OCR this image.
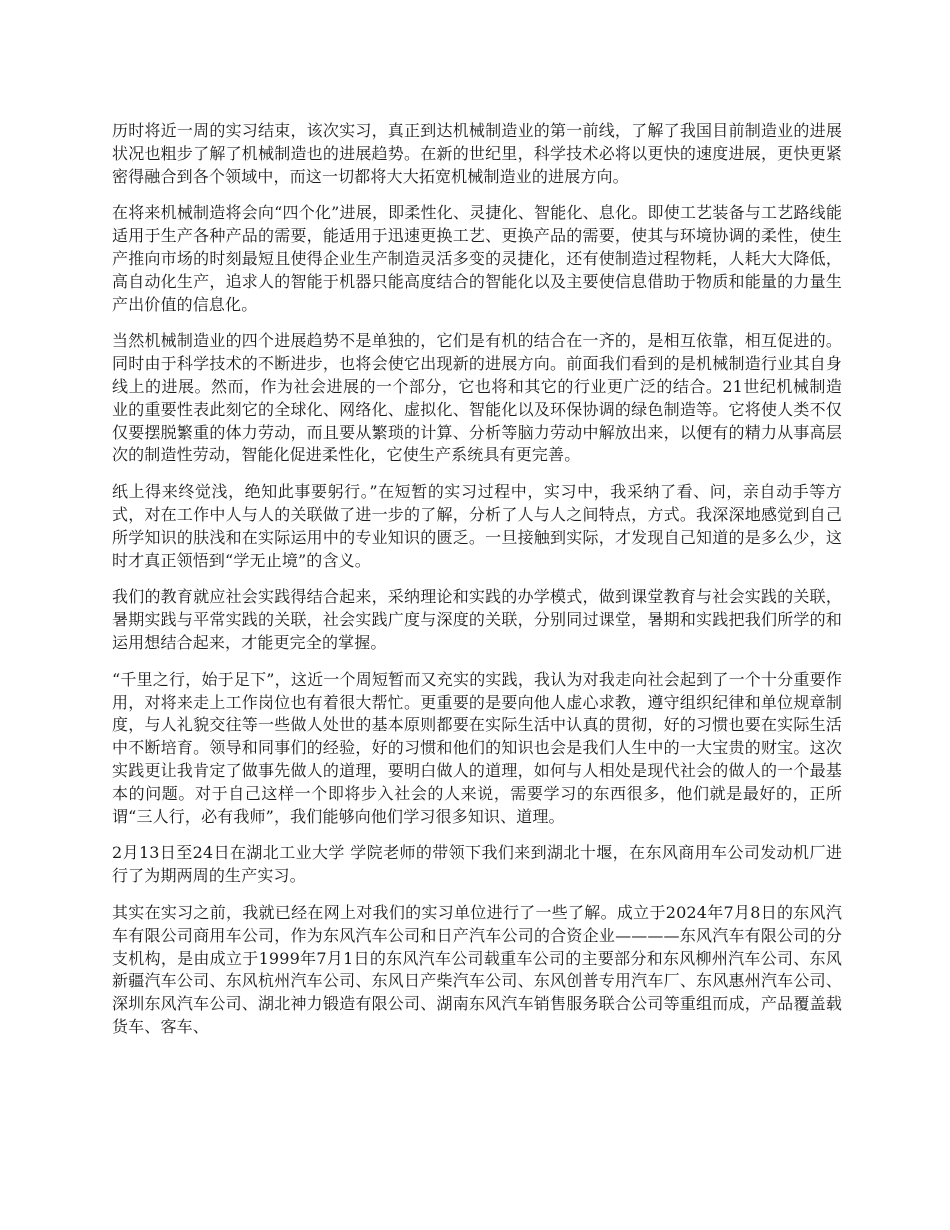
历时将近一周的实习结束，该次实习，真正到达机械制造业的第一前线，了解了我国目前制造业的进展状况也粗步了解了机械制造也的进展趋势。在新的世纪里，科学技术必将以更快的速度进展，更快更紧密得融合到各个领域中，而这一切都将大大拓宽机械制造业的进展方向。

在将来机械制造将会向“四个化”进展，即柔性化、灵捷化、智能化、息化。即使工艺装备与工艺路线能适用于生产各种产品的需要，能适用于迅速更换工艺、更换产品的需要，使其与环境协调的柔性，使生产推向市场的时刻最短且使得企业生产制造灵活多变的灵捷化，还有使制造过程物耗，人耗大大降低，高自动化生产，追求人的智能于机器只能高度结合的智能化以及主要使信息借助于物质和能量的力量生产出价值的信息化。

当然机械制造业的四个进展趋势不是单独的，它们是有机的结合在一齐的，是相互依靠，相互促进的。同时由于科学技术的不断进步，也将会使它出现新的进展方向。前面我们看到的是机械制造行业其自身线上的进展。然而，作为社会进展的一个部分，它也将和其它的行业更广泛的结合。21世纪机械制造业的重要性表此刻它的全球化、网络化、虚拟化、智能化以及环保协调的绿色制造等。它将使人类不仅仅要摆脱繁重的体力劳动，而且要从繁琐的计算、分析等脑力劳动中解放出来，以便有的精力从事高层次的制造性劳动，智能化促进柔性化，它使生产系统具有更完善。

纸上得来终觉浅，绝知此事要躬行。”在短暂的实习过程中，实习中，我采纳了看、问，亲自动手等方式，对在工作中人与人的关联做了进一步的了解，分析了人与人之间特点，方式。我深深地感觉到自己所学知识的肤浅和在实际运用中的专业知识的匮乏。一旦接触到实际，才发现自己知道的是多么少，这时才真正领悟到“学无止境”的含义。

我们的教育就应社会实践得结合起来，采纳理论和实践的办学模式，做到课堂教育与社会实践的关联，暑期实践与平常实践的关联，社会实践广度与深度的关联，分别同过课堂，暑期和实践把我们所学的和运用想结合起来，才能更完全的掌握。

“千里之行，始于足下”，这近一个周短暂而又充实的实践，我认为对我走向社会起到了一个十分重要作用，对将来走上工作岗位也有着很大帮忙。更重要的是要向他人虚心求教，遵守组织纪律和单位规章制度，与人礼貌交往等一些做人处世的基本原则都要在实际生活中认真的贯彻，好的习惯也要在实际生活中不断培育。领导和同事们的经验，好的习惯和他们的知识也会是我们人生中的一大宝贵的财宝。这次实践更让我肯定了做事先做人的道理，要明白做人的道理，如何与人相处是现代社会的做人的一个最基本的问题。对于自己这样一个即将步入社会的人来说，需要学习的东西很多，他们就是最好的，正所谓“三人行，必有我师”，我们能够向他们学习很多知识、道理。

2月13日至24日在湖北工业大学 学院老师的带领下我们来到湖北十堰，在东风商用车公司发动机厂进行了为期两周的生产实习。

其实在实习之前，我就已经在网上对我们的实习单位进行了一些了解。成立于2024年7月8日的东风汽车有限公司商用车公司，作为东风汽车公司和日产汽车公司的合资企业————东风汽车有限公司的分支机构，是由成立于1999年7月1日的东风汽车公司载重车公司的主要部分和东风柳州汽车公司、东风新疆汽车公司、东风杭州汽车公司、东风日产柴汽车公司、东风创普专用汽车厂、东风惠州汽车公司、深圳东风汽车公司、湖北神力锻造有限公司、湖南东风汽车销售服务联合公司等重组而成，产品覆盖载货车、客车、
